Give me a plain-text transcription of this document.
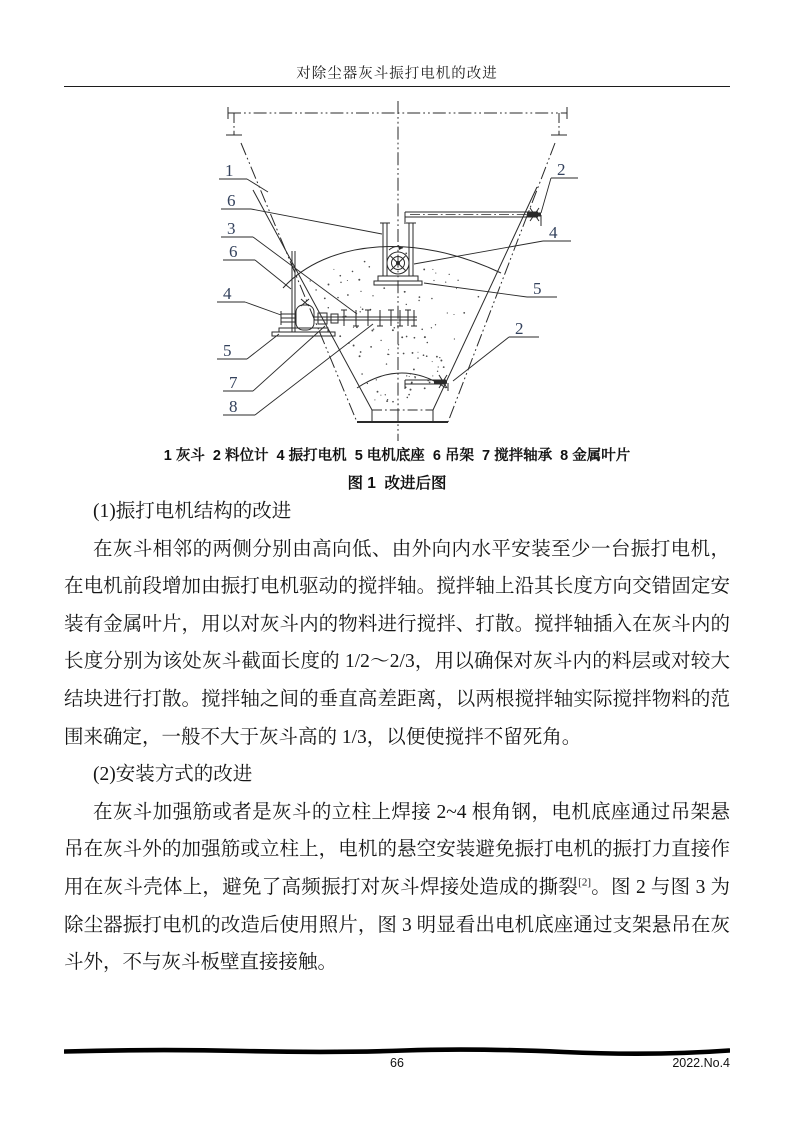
对除尘器灰斗振打电机的改进
1
6
3
6
4
5
7
8
2
4
5
2
1 灰斗  2 料位计  4 振打电机  5 电机底座  6 吊架  7 搅拌轴承  8 金属叶片
图 1  改进后图

(1)振打电机结构的改进

在灰斗相邻的两侧分别由高向低、由外向内水平安装至少一台振打电机，在电机前段增加由振打电机驱动的搅拌轴。搅拌轴上沿其长度方向交错固定安装有金属叶片，用以对灰斗内的物料进行搅拌、打散。搅拌轴插入在灰斗内的长度分别为该处灰斗截面长度的 1/2～2/3，用以确保对灰斗内的料层或对较大结块进行打散。搅拌轴之间的垂直高差距离，以两根搅拌轴实际搅拌物料的范围来确定，一般不大于灰斗高的 1/3，以便使搅拌不留死角。

(2)安装方式的改进

在灰斗加强筋或者是灰斗的立柱上焊接 2~4 根角钢，电机底座通过吊架悬吊在灰斗外的加强筋或立柱上，电机的悬空安装避免振打电机的振打力直接作用在灰斗壳体上，避免了高频振打对灰斗焊接处造成的撕裂[2]。图 2 与图 3 为除尘器振打电机的改造后使用照片，图 3 明显看出电机底座通过支架悬吊在灰斗外，不与灰斗板壁直接接触。

66	2022.No.4
